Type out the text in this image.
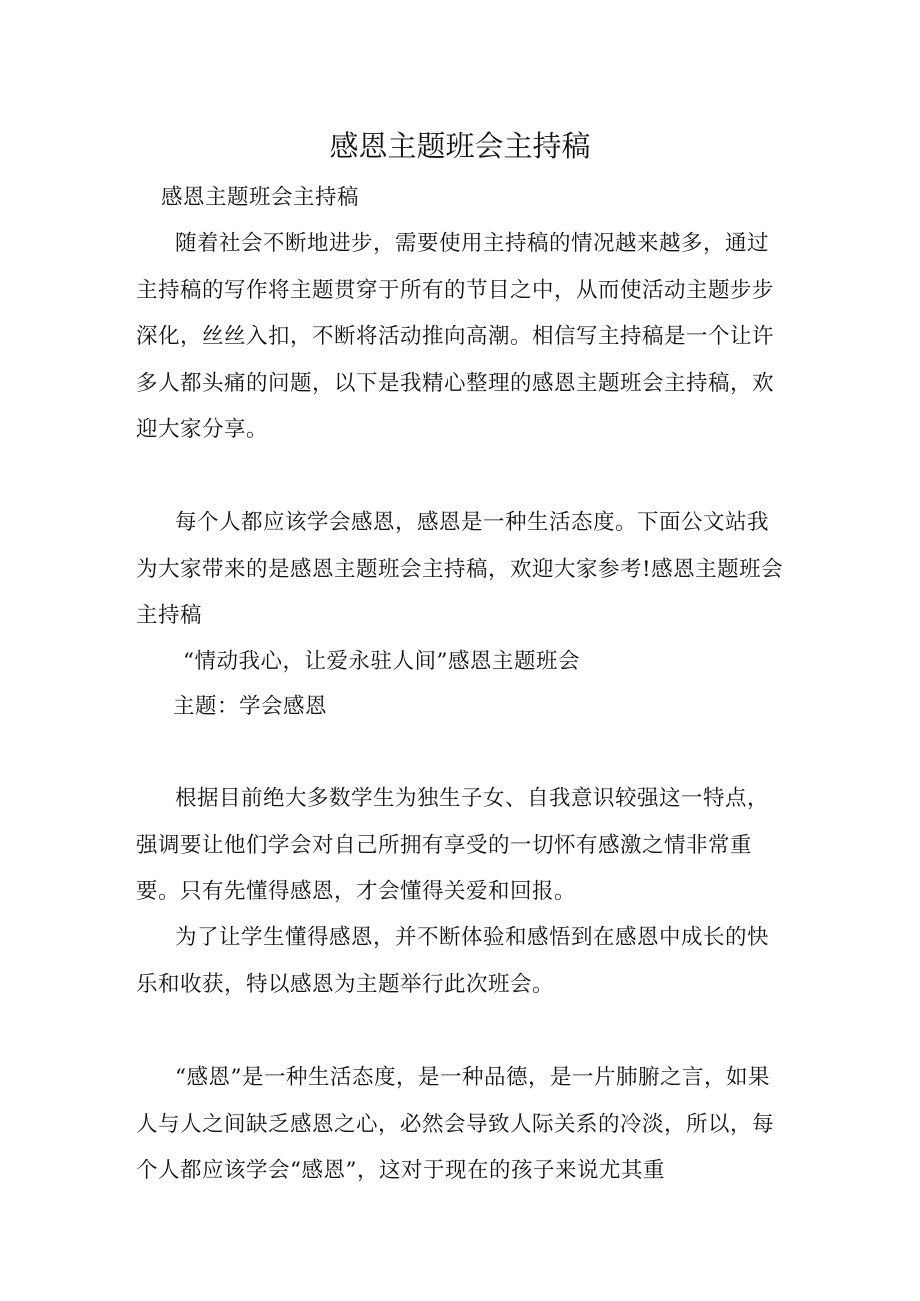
感恩主题班会主持稿

感恩主题班会主持稿

随着社会不断地进步，需要使用主持稿的情况越来越多，通过主持稿的写作将主题贯穿于所有的节目之中，从而使活动主题步步深化，丝丝入扣，不断将活动推向高潮。相信写主持稿是一个让许多人都头痛的问题，以下是我精心整理的感恩主题班会主持稿，欢迎大家分享。

每个人都应该学会感恩，感恩是一种生活态度。下面公文站我为大家带来的是感恩主题班会主持稿，欢迎大家参考!感恩主题班会主持稿

“情动我心，让爱永驻人间”感恩主题班会

主题：学会感恩

根据目前绝大多数学生为独生子女、自我意识较强这一特点，强调要让他们学会对自己所拥有享受的一切怀有感激之情非常重要。只有先懂得感恩，才会懂得关爱和回报。

为了让学生懂得感恩，并不断体验和感悟到在感恩中成长的快乐和收获，特以感恩为主题举行此次班会。

“感恩”是一种生活态度，是一种品德，是一片肺腑之言，如果人与人之间缺乏感恩之心，必然会导致人际关系的冷淡，所以，每个人都应该学会“感恩”，这对于现在的孩子来说尤其重
